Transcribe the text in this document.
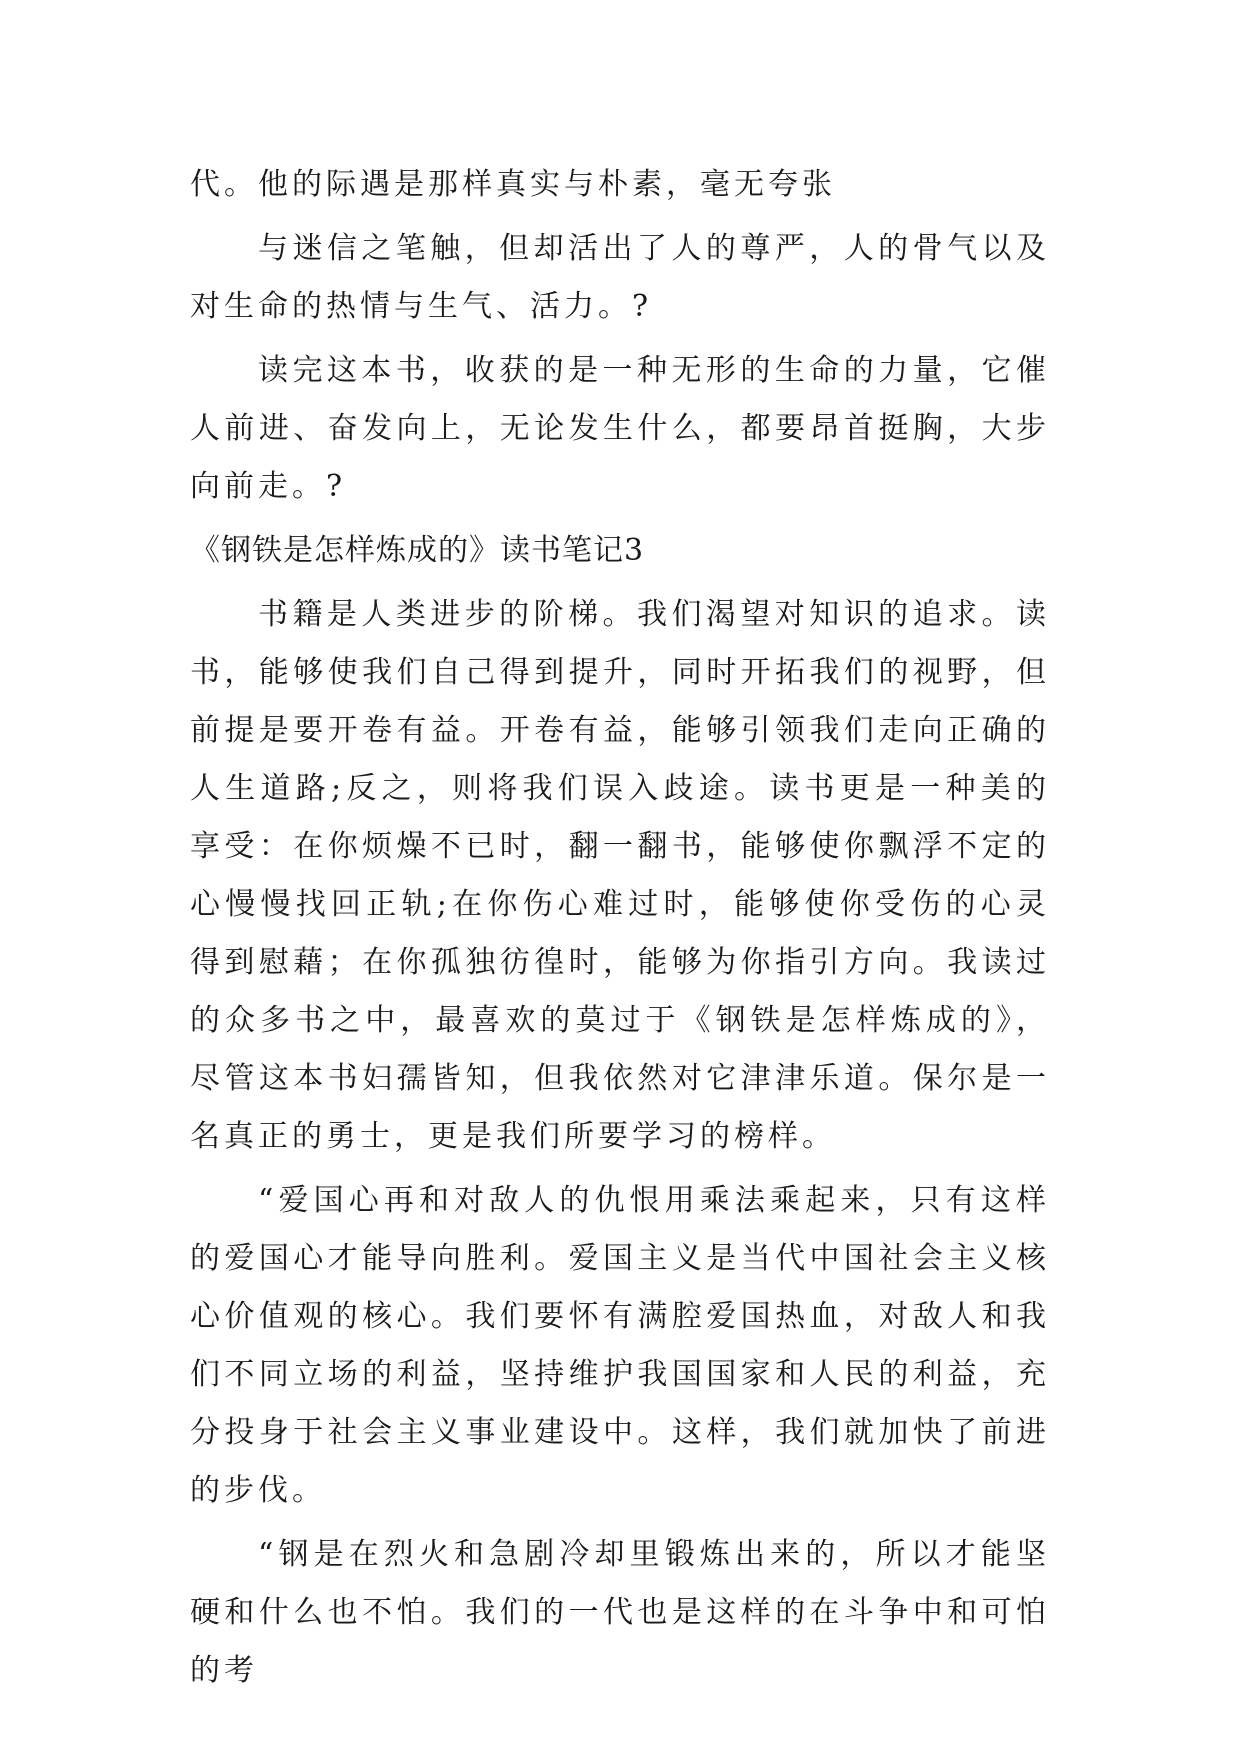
代。他的际遇是那样真实与朴素，毫无夸张

与迷信之笔触，但却活出了人的尊严，人的骨气以及对生命的热情与生气、活力。?

读完这本书，收获的是一种无形的生命的力量，它催人前进、奋发向上，无论发生什么，都要昂首挺胸，大步向前走。?

《钢铁是怎样炼成的》读书笔记3

书籍是人类进步的阶梯。我们渴望对知识的追求。读书，能够使我们自己得到提升，同时开拓我们的视野，但前提是要开卷有益。开卷有益，能够引领我们走向正确的人生道路;反之，则将我们误入歧途。读书更是一种美的享受：在你烦燥不已时，翻一翻书，能够使你飘浮不定的心慢慢找回正轨;在你伤心难过时，能够使你受伤的心灵得到慰藉；在你孤独彷徨时，能够为你指引方向。我读过的众多书之中，最喜欢的莫过于《钢铁是怎样炼成的》，尽管这本书妇孺皆知，但我依然对它津津乐道。保尔是一名真正的勇士，更是我们所要学习的榜样。

“爱国心再和对敌人的仇恨用乘法乘起来，只有这样的爱国心才能导向胜利。爱国主义是当代中国社会主义核心价值观的核心。我们要怀有满腔爱国热血，对敌人和我们不同立场的利益，坚持维护我国国家和人民的利益，充分投身于社会主义事业建设中。这样，我们就加快了前进的步伐。

“钢是在烈火和急剧冷却里锻炼出来的，所以才能坚硬和什么也不怕。我们的一代也是这样的在斗争中和可怕的考
